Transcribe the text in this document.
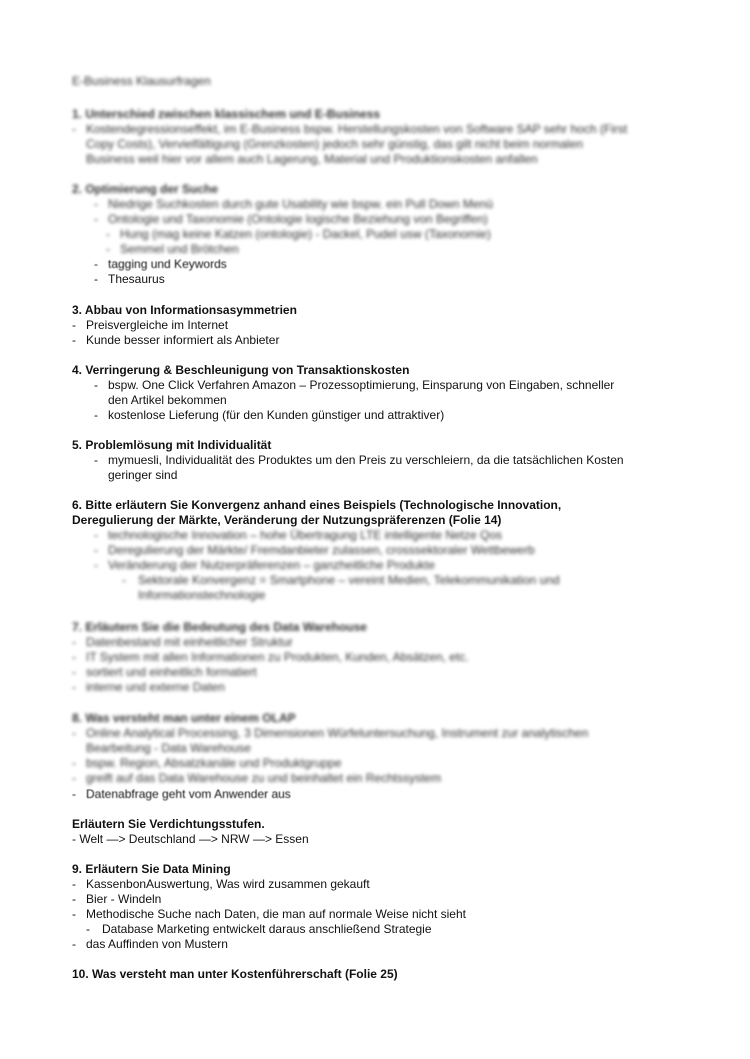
E-Business Klausurfragen
1. Unterschied zwischen klassischem und E-Business
- Kostendegressionseffekt, im E-Business bspw. Herstellungskosten von Software SAP sehr hoch (First
Copy Costs), Vervielfältigung (Grenzkosten) jedoch sehr günstig, das gilt nicht beim normalen
Business weil hier vor allem auch Lagerung, Material und Produktionskosten anfallen
2. Optimierung der Suche
- Niedrige Suchkosten durch gute Usability wie bspw. ein Pull Down Menü
- Ontologie und Taxonomie (Ontologie logische Beziehung von Begriffen)
- Hung (mag keine Katzen (ontologie) - Dackel, Pudel usw (Taxonomie)
- Semmel und Brötchen
- tagging und Keywords
- Thesaurus
3. Abbau von Informationsasymmetrien
- Preisvergleiche im Internet
- Kunde besser informiert als Anbieter
4. Verringerung & Beschleunigung von Transaktionskosten
- bspw. One Click Verfahren Amazon – Prozessoptimierung, Einsparung von Eingaben, schneller
den Artikel bekommen
- kostenlose Lieferung (für den Kunden günstiger und attraktiver)
5. Problemlösung mit Individualität
- mymuesli, Individualität des Produktes um den Preis zu verschleiern, da die tatsächlichen Kosten
geringer sind
6. Bitte erläutern Sie Konvergenz anhand eines Beispiels (Technologische Innovation,
Deregulierung der Märkte, Veränderung der Nutzungspräferenzen (Folie 14)
- technologische Innovation – hohe Übertragung LTE intelligente Netze Qos
- Deregulierung der Märkte/ Fremdanbieter zulassen, crosssektoraler Wettbewerb
- Veränderung der Nutzerpräferenzen – ganzheitliche Produkte
- Sektorale Konvergenz = Smartphone – vereint Medien, Telekommunikation und
Informationstechnologie
7. Erläutern Sie die Bedeutung des Data Warehouse
- Datenbestand mit einheitlicher Struktur
- IT System mit allen Informationen zu Produkten, Kunden, Absätzen, etc.
- sortiert und einheitlich formatiert
- interne und externe Daten
8. Was versteht man unter einem OLAP
- Online Analytical Processing, 3 Dimensionen Würfeluntersuchung, Instrument zur analytischen
Bearbeitung - Data Warehouse
- bspw. Region, Absatzkanäle und Produktgruppe
- greift auf das Data Warehouse zu und beinhaltet ein Rechtssystem
- Datenabfrage geht vom Anwender aus
Erläutern Sie Verdichtungsstufen.
- Welt —> Deutschland —> NRW —> Essen
9. Erläutern Sie Data Mining
- KassenbonAuswertung, Was wird zusammen gekauft
- Bier - Windeln
- Methodische Suche nach Daten, die man auf normale Weise nicht sieht
- Database Marketing entwickelt daraus anschließend Strategie
- das Auffinden von Mustern
10. Was versteht man unter Kostenführerschaft (Folie 25)
